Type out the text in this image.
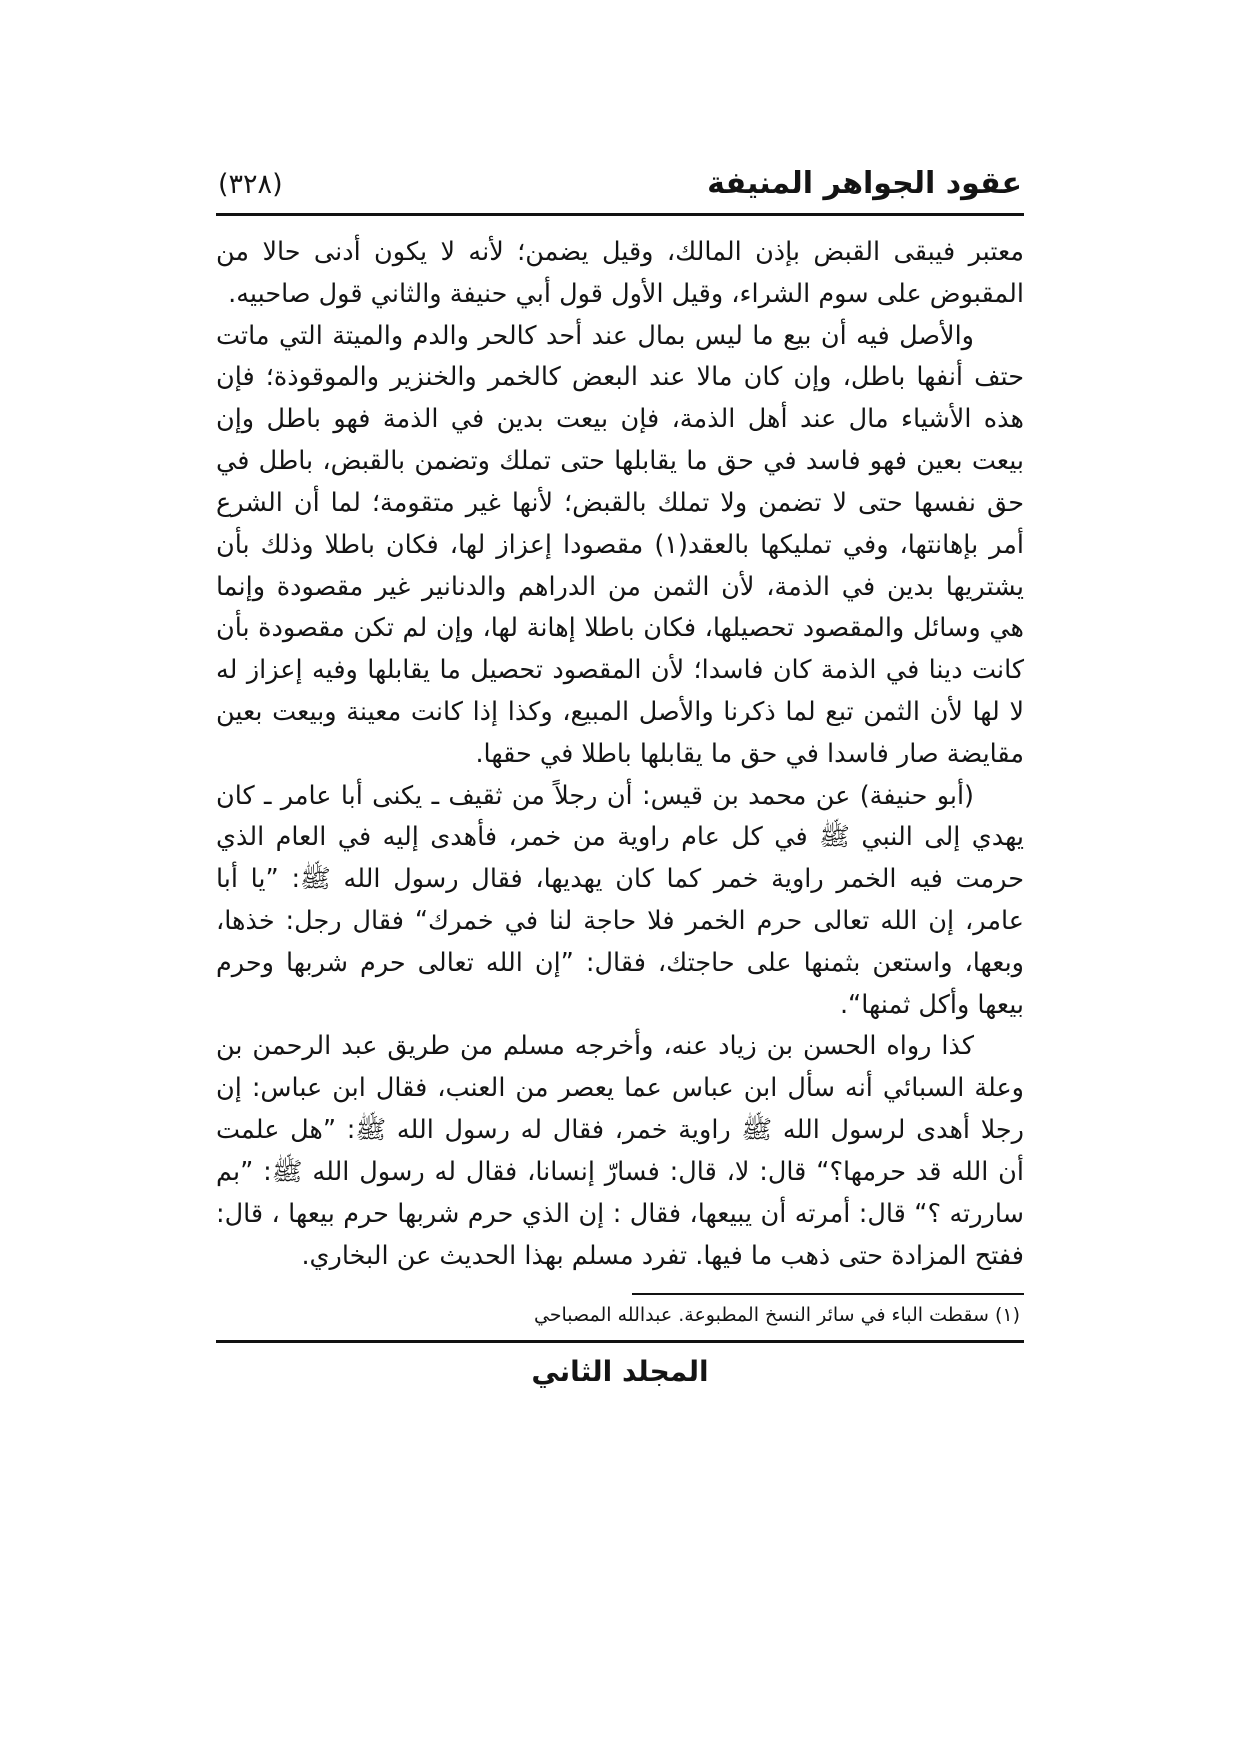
(٣٢٨)	عقود الجواهر المنيفة

معتبر فيبقى القبض بإذن المالك، وقيل يضمن؛ لأنه لا يكون أدنى حالا من المقبوض على سوم الشراء، وقيل الأول قول أبي حنيفة والثاني قول صاحبيه.

والأصل فيه أن بيع ما ليس بمال عند أحد كالحر والدم والميتة التي ماتت حتف أنفها باطل، وإن كان مالا عند البعض كالخمر والخنزير والموقوذة؛ فإن هذه الأشياء مال عند أهل الذمة، فإن بيعت بدين في الذمة فهو باطل وإن بيعت بعين فهو فاسد في حق ما يقابلها حتى تملك وتضمن بالقبض، باطل في حق نفسها حتى لا تضمن ولا تملك بالقبض؛ لأنها غير متقومة؛ لما أن الشرع أمر بإهانتها، وفي تمليكها بالعقد(١) مقصودا إعزاز لها، فكان باطلا وذلك بأن يشتريها بدين في الذمة، لأن الثمن من الدراهم والدنانير غير مقصودة وإنما هي وسائل والمقصود تحصيلها، فكان باطلا إهانة لها، وإن لم تكن مقصودة بأن كانت دينا في الذمة كان فاسدا؛ لأن المقصود تحصيل ما يقابلها وفيه إعزاز له لا لها لأن الثمن تبع لما ذكرنا والأصل المبيع، وكذا إذا كانت معينة وبيعت بعين مقايضة صار فاسدا في حق ما يقابلها باطلا في حقها.

(أبو حنيفة) عن محمد بن قيس: أن رجلاً من ثقيف ـ يكنى أبا عامر ـ كان يهدي إلى النبي ﷺ في كل عام راوية من خمر، فأهدى إليه في العام الذي حرمت فيه الخمر راوية خمر كما كان يهديها، فقال رسول الله ﷺ: ”يا أبا عامر، إن الله تعالى حرم الخمر فلا حاجة لنا في خمرك“ فقال رجل: خذها، وبعها، واستعن بثمنها على حاجتك، فقال: ”إن الله تعالى حرم شربها وحرم بيعها وأكل ثمنها“.

كذا رواه الحسن بن زياد عنه، وأخرجه مسلم من طريق عبد الرحمن بن وعلة السبائي أنه سأل ابن عباس عما يعصر من العنب، فقال ابن عباس: إن رجلا أهدى لرسول الله ﷺ راوية خمر، فقال له رسول الله ﷺ: ”هل علمت أن الله قد حرمها؟“ قال: لا، قال: فسارّ إنسانا، فقال له رسول الله ﷺ: ”بم ساررته ؟“ قال: أمرته أن يبيعها، فقال : إن الذي حرم شربها حرم بيعها ، قال: ففتح المزادة حتى ذهب ما فيها. تفرد مسلم بهذا الحديث عن البخاري.

(١) سقطت الباء في سائر النسخ المطبوعة. عبدالله المصباحي

المجلد الثاني
